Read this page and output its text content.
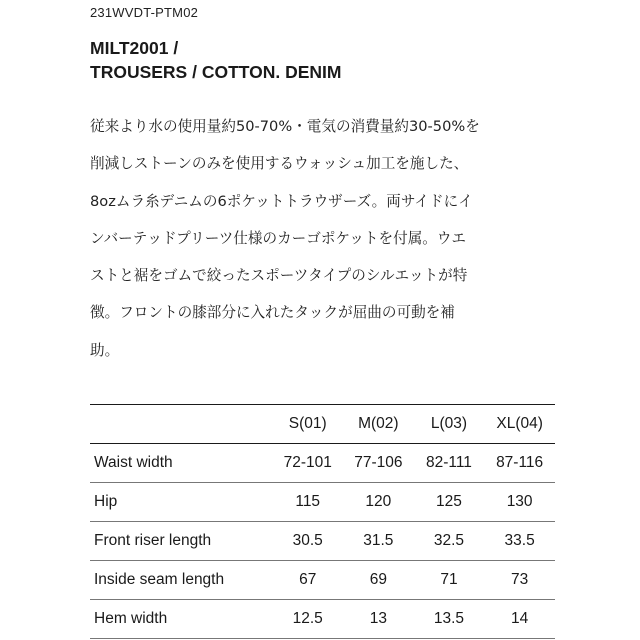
231WVDT-PTM02
MILT2001 /
TROUSERS / COTTON. DENIM

従来より水の使用量約50-70%・電気の消費量約30-50%を
削減しストーンのみを使用するウォッシュ加工を施した、
8ozムラ糸デニムの6ポケットトラウザーズ。両サイドにイ
ンバーテッドプリーツ仕様のカーゴポケットを付属。ウエ
ストと裾をゴムで絞ったスポーツタイプのシルエットが特
徴。フロントの膝部分に入れたタックが屈曲の可動を補
助。

	S(01)	M(02)	L(03)	XL(04)
Waist width	72-101	77-106	82-111	87-116
Hip	115	120	125	130
Front riser length	30.5	31.5	32.5	33.5
Inside seam length	67	69	71	73
Hem width	12.5	13	13.5	14
